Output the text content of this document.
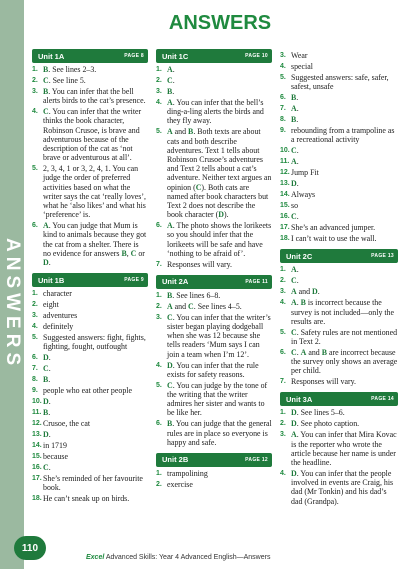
ANSWERS
110
ANSWERS
Unit 1A	PAGE 8
1. B. See lines 2–3.
2. C. See line 5.
3. B. You can infer that the bell alerts birds to the cat’s presence.
4. C. You can infer that the writer thinks the book character, Robinson Crusoe, is brave and adventurous because of the description of the cat as ‘not brave or adventurous at all’.
5. 2, 3, 4, 1 or 3, 2, 4, 1. You can judge the order of preferred activities based on what the writer says the cat ‘really loves’, what he ‘also likes’ and what his ‘preference’ is.
6. A. You can judge that Mum is kind to animals because they got the cat from a shelter. There is no evidence for answers B, C or D.
Unit 1B	PAGE 9
1. character
2. eight
3. adventures
4. definitely
5. Suggested answers: fight, fights, fighting, fought, outfought
6. D.
7. C.
8. B.
9. people who eat other people
10. D.
11. B.
12. Crusoe, the cat
13. D.
14. in 1719
15. because
16. C.
17. She’s reminded of her favourite book.
18. He can’t sneak up on birds.
Unit 1C	PAGE 10
1. A.
2. C.
3. B.
4. A. You can infer that the bell’s ding-a-ling alerts the birds and they fly away.
5. A and B. Both texts are about cats and both describe adventures. Text 1 tells about Robinson Crusoe’s adventures and Text 2 tells about a cat’s adventure. Neither text argues an opinion (C). Both cats are named after book characters but Text 2 does not describe the book character (D).
6. A. The photo shows the lorikeets so you should infer that the lorikeets will be safe and have ‘nothing to be afraid of’.
7. Responses will vary.
Unit 2A	PAGE 11
1. B. See lines 6–8.
2. A and C. See lines 4–5.
3. C. You can infer that the writer’s sister began playing dodgeball when she was 12 because she tells readers ‘Mum says I can join a team when I’m 12’.
4. D. You can infer that the rule exists for safety reasons.
5. C. You can judge by the tone of the writing that the writer admires her sister and wants to be like her.
6. B. You can judge that the general rules are in place so everyone is happy and safe.
Unit 2B	PAGE 12
1. trampolining
2. exercise
3. Wear
4. special
5. Suggested answers: safe, safer, safest, unsafe
6. B.
7. A.
8. B.
9. rebounding from a trampoline as a recreational activity
10. C.
11. A.
12. Jump Fit
13. D.
14. Always
15. so
16. C.
17. She’s an advanced jumper.
18. I can’t wait to use the wall.
Unit 2C	PAGE 13
1. A.
2. C.
3. A and D.
4. A. B is incorrect because the survey is not included—only the results are.
5. C. Safety rules are not mentioned in Text 2.
6. C. A and B are incorrect because the survey only shows an average per child.
7. Responses will vary.
Unit 3A	PAGE 14
1. D. See lines 5–6.
2. D. See photo caption.
3. A. You can infer that Mira Kovac is the reporter who wrote the article because her name is under the headline.
4. D. You can infer that the people involved in events are Craig, his dad (Mr Tonkin) and his dad’s dad (Grandpa).
Excel Advanced Skills: Year 4 Advanced English—Answers
